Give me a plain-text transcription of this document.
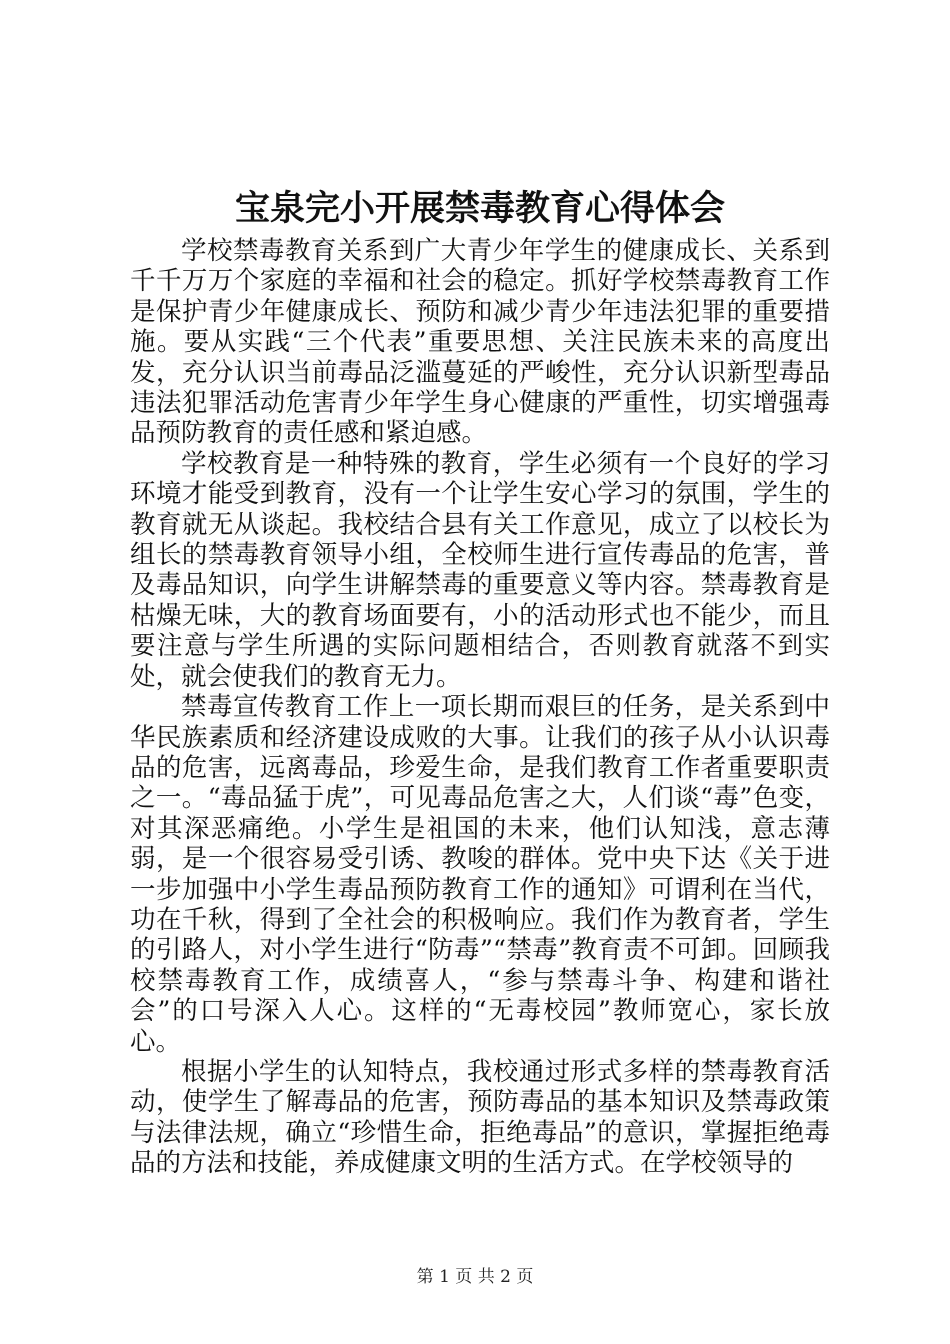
宝泉完小开展禁毒教育心得体会

学校禁毒教育关系到广大青少年学生的健康成长、关系到千千万万个家庭的幸福和社会的稳定。抓好学校禁毒教育工作是保护青少年健康成长、预防和减少青少年违法犯罪的重要措施。要从实践“三个代表”重要思想、关注民族未来的高度出发，充分认识当前毒品泛滥蔓延的严峻性，充分认识新型毒品违法犯罪活动危害青少年学生身心健康的严重性，切实增强毒品预防教育的责任感和紧迫感。

学校教育是一种特殊的教育，学生必须有一个良好的学习环境才能受到教育，没有一个让学生安心学习的氛围，学生的教育就无从谈起。我校结合县有关工作意见，成立了以校长为组长的禁毒教育领导小组，全校师生进行宣传毒品的危害，普及毒品知识，向学生讲解禁毒的重要意义等内容。禁毒教育是枯燥无味，大的教育场面要有，小的活动形式也不能少，而且要注意与学生所遇的实际问题相结合，否则教育就落不到实处，就会使我们的教育无力。

禁毒宣传教育工作上一项长期而艰巨的任务，是关系到中华民族素质和经济建设成败的大事。让我们的孩子从小认识毒品的危害，远离毒品，珍爱生命，是我们教育工作者重要职责之一。“毒品猛于虎”，可见毒品危害之大，人们谈“毒”色变，对其深恶痛绝。小学生是祖国的未来，他们认知浅，意志薄弱，是一个很容易受引诱、教唆的群体。党中央下达《关于进一步加强中小学生毒品预防教育工作的通知》可谓利在当代，功在千秋，得到了全社会的积极响应。我们作为教育者，学生的引路人，对小学生进行“防毒”“禁毒”教育责不可卸。回顾我校禁毒教育工作，成绩喜人，“参与禁毒斗争、构建和谐社会”的口号深入人心。这样的“无毒校园”教师宽心，家长放心。

根据小学生的认知特点，我校通过形式多样的禁毒教育活动，使学生了解毒品的危害，预防毒品的基本知识及禁毒政策与法律法规，确立“珍惜生命，拒绝毒品”的意识，掌握拒绝毒品的方法和技能，养成健康文明的生活方式。在学校领导的

第 1 页 共 2 页
